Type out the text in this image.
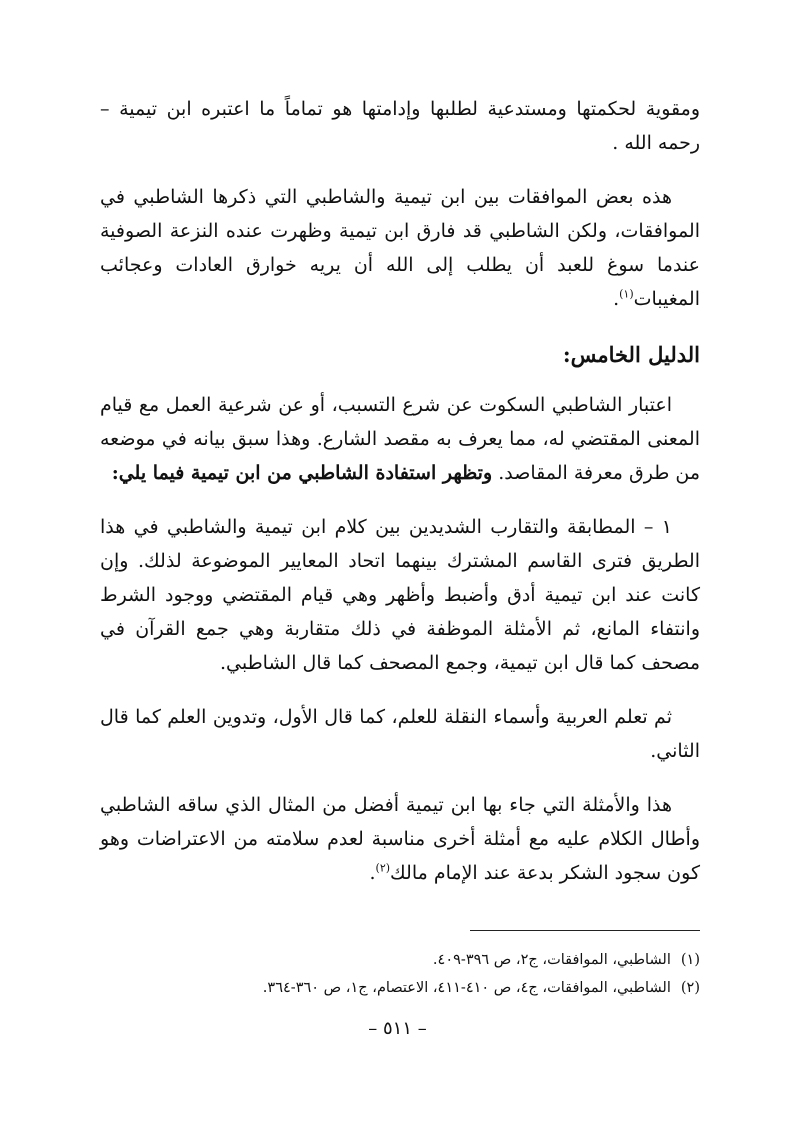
ومقوية لحكمتها ومستدعية لطلبها وإدامتها هو تماماً ما اعتبره ابن تيمية – رحمه الله .

هذه بعض الموافقات بين ابن تيمية والشاطبي التي ذكرها الشاطبي في الموافقات، ولكن الشاطبي قد فارق ابن تيمية وظهرت عنده النزعة الصوفية عندما سوغ للعبد أن يطلب إلى الله أن يريه خوارق العادات وعجائب المغيبات$^{(١)}$.

الدليل الخامس:

اعتبار الشاطبي السكوت عن شرع التسبب، أو عن شرعية العمل مع قيام المعنى المقتضي له، مما يعرف به مقصد الشارع. وهذا سبق بيانه في موضعه من طرق معرفة المقاصد. وتظهر استفادة الشاطبي من ابن تيمية فيما يلي:

١ – المطابقة والتقارب الشديدين بين كلام ابن تيمية والشاطبي في هذا الطريق فترى القاسم المشترك بينهما اتحاد المعايير الموضوعة لذلك. وإن كانت عند ابن تيمية أدق وأضبط وأظهر وهي قيام المقتضي ووجود الشرط وانتفاء المانع، ثم الأمثلة الموظفة في ذلك متقاربة وهي جمع القرآن في مصحف كما قال ابن تيمية، وجمع المصحف كما قال الشاطبي.

ثم تعلم العربية وأسماء النقلة للعلم، كما قال الأول، وتدوين العلم كما قال الثاني.

هذا والأمثلة التي جاء بها ابن تيمية أفضل من المثال الذي ساقه الشاطبي وأطال الكلام عليه مع أمثلة أخرى مناسبة لعدم سلامته من الاعتراضات وهو كون سجود الشكر بدعة عند الإمام مالك$^{(٢)}$.

(١)الشاطبي، الموافقات، ج٢، ص ٣٩٦-٤٠٩.

(٢)الشاطبي، الموافقات، ج٤، ص ٤١٠-٤١١، الاعتصام، ج١، ص ٣٦٠-٣٦٤.

– ٥١١ –
